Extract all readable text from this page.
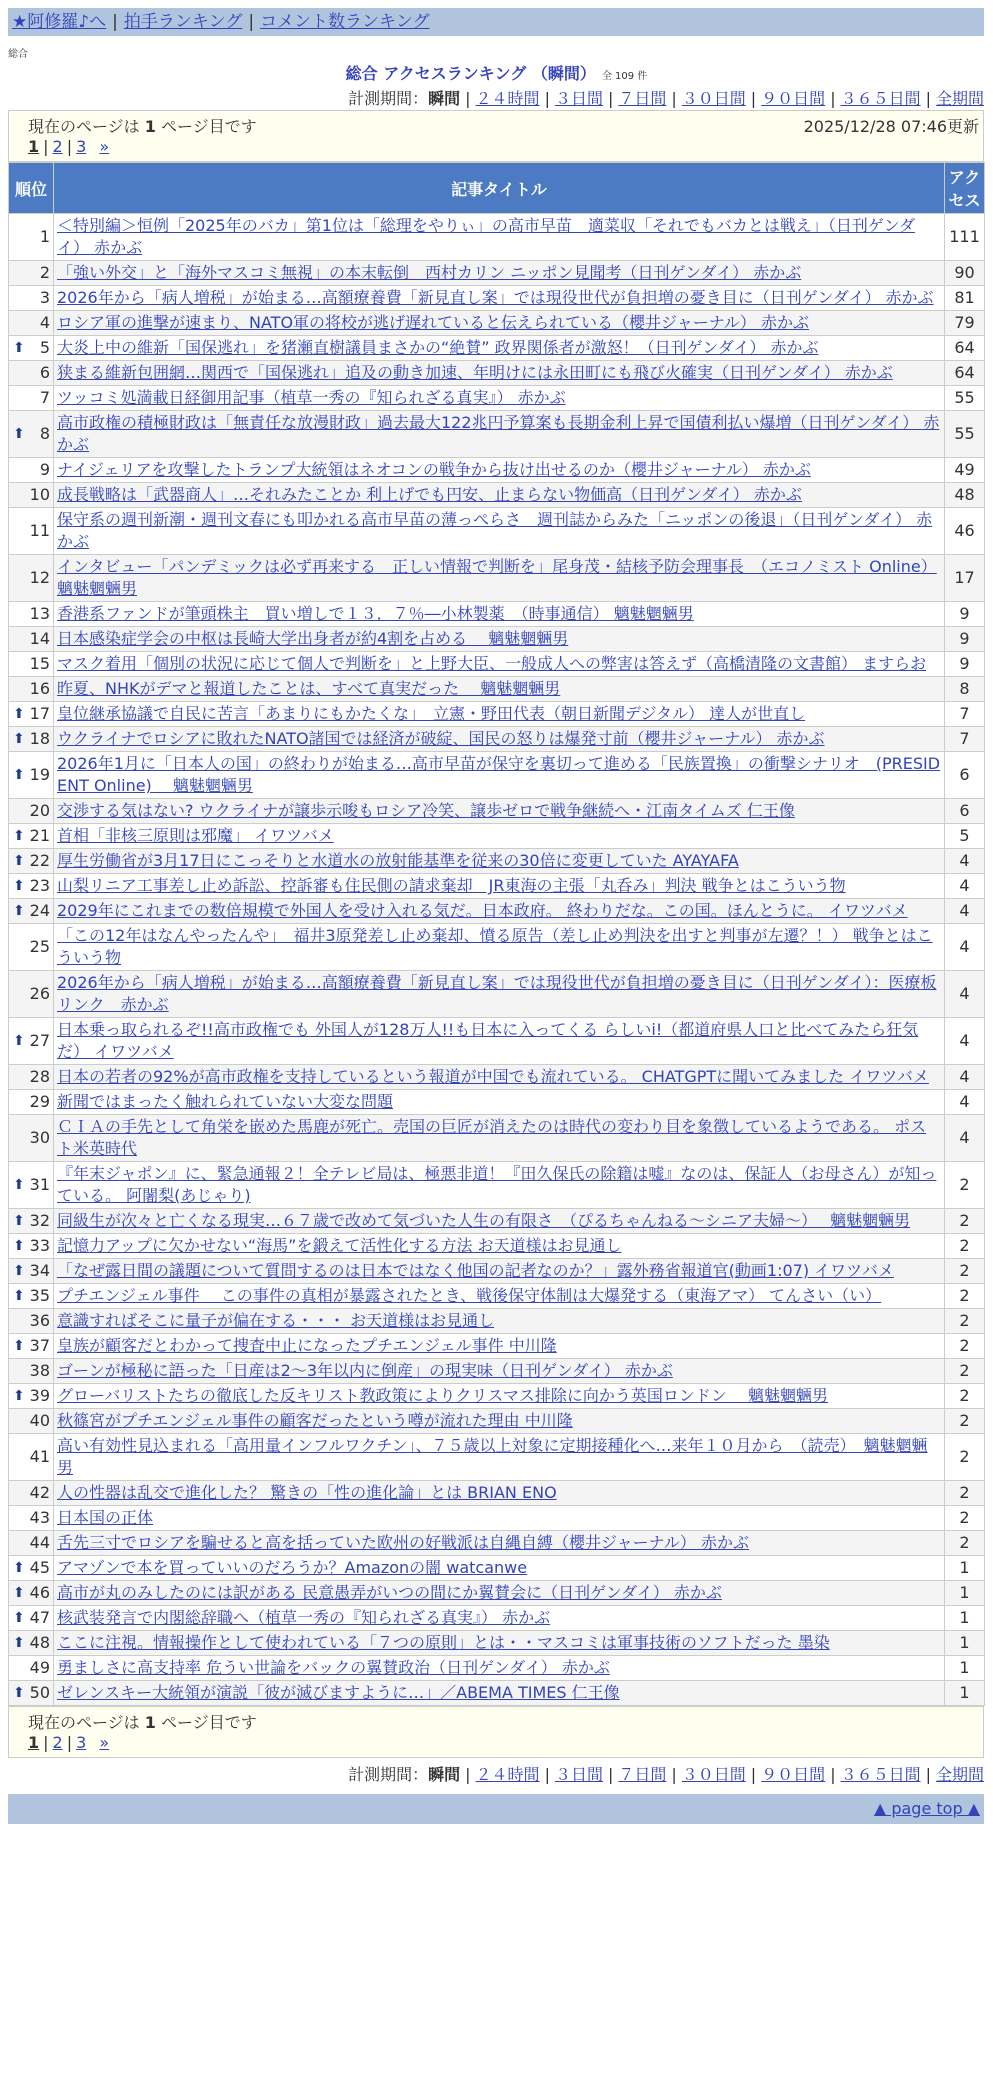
★阿修羅♪へ | 拍手ランキング | コメント数ランキング
総合
総合 アクセスランキング （瞬間） 全 109 件
計測期間：瞬間 | ２４時間 | ３日間 | ７日間 | ３０日間 | ９０日間 | ３６５日間 | 全期間
現在のページは 1 ページ目です	2025/12/28 07:46更新
1 | 2 | 3 »
順位	記事タイトル	アクセス
1	＜特別編＞恒例「2025年のバカ」第1位は「総理をやりぃ」の高市早苗　適菜収「それでもバカとは戦え」（日刊ゲンダイ） 赤かぶ	111
2	「強い外交」と「海外マスコミ無視」の本末転倒　西村カリン ニッポン見聞考（日刊ゲンダイ） 赤かぶ	90
3	2026年から「病人増税」が始まる…高額療養費「新見直し案」では現役世代が負担増の憂き目に（日刊ゲンダイ） 赤かぶ	81
4	ロシア軍の進撃が速まり、NATO軍の将校が逃げ遅れていると伝えられている（櫻井ジャーナル） 赤かぶ	79

⬆ 5	大炎上中の維新「国保逃れ」を猪瀬直樹議員まさかの“絶賛” 政界関係者が激怒！（日刊ゲンダイ） 赤かぶ	64
6	狭まる維新包囲網…関西で「国保逃れ」追及の動き加速、年明けには永田町にも飛び火確実（日刊ゲンダイ） 赤かぶ	64
7	ツッコミ処満載日経御用記事（植草一秀の『知られざる真実』） 赤かぶ	55

⬆ 8	高市政権の積極財政は「無責任な放漫財政」過去最大122兆円予算案も長期金利上昇で国債利払い爆増（日刊ゲンダイ） 赤かぶ	55
9	ナイジェリアを攻撃したトランプ大統領はネオコンの戦争から抜け出せるのか（櫻井ジャーナル） 赤かぶ	49
10	成長戦略は「武器商人」…それみたことか 利上げでも円安、止まらない物価高（日刊ゲンダイ） 赤かぶ	48
11	保守系の週刊新潮・週刊文春にも叩かれる高市早苗の薄っぺらさ　週刊誌からみた「ニッポンの後退」（日刊ゲンダイ） 赤かぶ	46
12	インタビュー「パンデミックは必ず再来する　正しい情報で判断を」尾身茂・結核予防会理事長　（エコノミスト Online） 魑魅魍魎男	17
13	香港系ファンドが筆頭株主　買い増しで１３．７％―小林製薬　（時事通信） 魑魅魍魎男	9
14	日本感染症学会の中枢は長崎大学出身者が約4割を占める　 魑魅魍魎男	9
15	マスク着用「個別の状況に応じて個人で判断を」と上野大臣、一般成人への弊害は答えず（高橋清隆の文書館） ますらお	9
16	昨夏、NHKがデマと報道したことは、すべて真実だった　 魑魅魍魎男	8

⬆ 17	皇位継承協議で自民に苦言「あまりにもかたくな」　立憲・野田代表（朝日新聞デジタル） 達人が世直し	7

⬆ 18	ウクライナでロシアに敗れたNATO諸国では経済が破綻、国民の怒りは爆発寸前（櫻井ジャーナル） 赤かぶ	7

⬆ 19	2026年1月に「日本人の国」の終わりが始まる…高市早苗が保守を裏切って進める「民族置換」の衝撃シナリオ　(PRESIDENT Online)　 魑魅魍魎男	6
20	交渉する気はない? ウクライナが譲歩示唆もロシア冷笑、譲歩ゼロで戦争継続へ・江南タイムズ 仁王像	6

⬆ 21	首相「非核三原則は邪魔」 イワツバメ	5

⬆ 22	厚生労働省が3月17日にこっそりと水道水の放射能基準を従来の30倍に変更していた AYAYAFA	4

⬆ 23	山梨リニア工事差し止め訴訟、控訴審も住民側の請求棄却　JR東海の主張「丸呑み」判決 戦争とはこういう物	4

⬆ 24	2029年にこれまでの数倍規模で外国人を受け入れる気だ。日本政府。 終わりだな。この国。ほんとうに。 イワツバメ	4
25	「この12年はなんやったんや」　福井3原発差し止め棄却、憤る原告（差し止め判決を出すと判事が左遷？！） 戦争とはこういう物	4
26	2026年から「病人増税」が始まる…高額療養費「新見直し案」では現役世代が負担増の憂き目に（日刊ゲンダイ）：医療板リンク　赤かぶ	4

⬆ 27	日本乗っ取られるぞ!!高市政権でも 外国人が128万人!!も日本に入ってくる らしいi!（都道府県人口と比べてみたら狂気だ） イワツバメ	4
28	日本の若者の92%が高市政権を支持しているという報道が中国でも流れている。 CHATGPTに聞いてみました イワツバメ	4
29	新聞ではまったく触れられていない大変な問題	4
30	ＣＩＡの手先として角栄を嵌めた馬鹿が死亡。売国の巨匠が消えたのは時代の変わり目を象徴しているようである。 ポスト米英時代	4

⬆ 31	『年末ジャポン』に、緊急通報２！全テレビ局は、極悪非道！『田久保氏の除籍は嘘』なのは、保証人（お母さん）が知っている。 阿闍梨(あじゃり)	2

⬆ 32	同級生が次々と亡くなる現実…６７歳で改めて気づいた人生の有限さ　（ぴるちゃんねる～シニア夫婦～）　 魑魅魍魎男	2

⬆ 33	記憶力アップに欠かせない“海馬”を鍛えて活性化する方法 お天道様はお見通し	2

⬆ 34	「なぜ露日間の議題について質問するのは日本ではなく他国の記者なのか？」露外務省報道官(動画1:07) イワツバメ	2

⬆ 35	プチエンジェル事件　 この事件の真相が暴露されたとき、戦後保守体制は大爆発する（東海アマ） てんさい（い）	2
36	意識すればそこに量子が偏在する・・・ お天道様はお見通し	2

⬆ 37	皇族が顧客だとわかって捜査中止になったプチエンジェル事件 中川隆	2
38	ゴーンが極秘に語った「日産は2～3年以内に倒産」の現実味（日刊ゲンダイ） 赤かぶ	2

⬆ 39	グローバリストたちの徹底した反キリスト教政策によりクリスマス排除に向かう英国ロンドン　 魑魅魍魎男	2
40	秋篠宮がプチエンジェル事件の顧客だったという噂が流れた理由 中川隆	2
41	高い有効性見込まれる「高用量インフルワクチン」、７５歳以上対象に定期接種化へ…来年１０月から　（読売）　魑魅魍魎男	2
42	人の性器は乱交で進化した？ 驚きの「性の進化論」とは BRIAN ENO	2
43	日本国の正体	2
44	舌先三寸でロシアを騙せると高を括っていた欧州の好戦派は自縄自縛（櫻井ジャーナル） 赤かぶ	2

⬆ 45	アマゾンで本を買っていいのだろうか？Amazonの闇 watcanwe	1

⬆ 46	高市が丸のみしたのには訳がある 民意愚弄がいつの間にか翼賛会に（日刊ゲンダイ） 赤かぶ	1

⬆ 47	核武装発言で内閣総辞職へ（植草一秀の『知られざる真実』） 赤かぶ	1

⬆ 48	ここに注視。情報操作として使われている「７つの原則」とは・・マスコミは軍事技術のソフトだった 墨染	1
49	勇ましさに高支持率 危うい世論をバックの翼賛政治（日刊ゲンダイ） 赤かぶ	1

⬆ 50	ゼレンスキー大統領が演説「彼が滅びますように…」／ABEMA TIMES 仁王像	1
現在のページは 1 ページ目です
1 | 2 | 3 »
計測期間：瞬間 | ２４時間 | ３日間 | ７日間 | ３０日間 | ９０日間 | ３６５日間 | 全期間
▲ page top ▲
